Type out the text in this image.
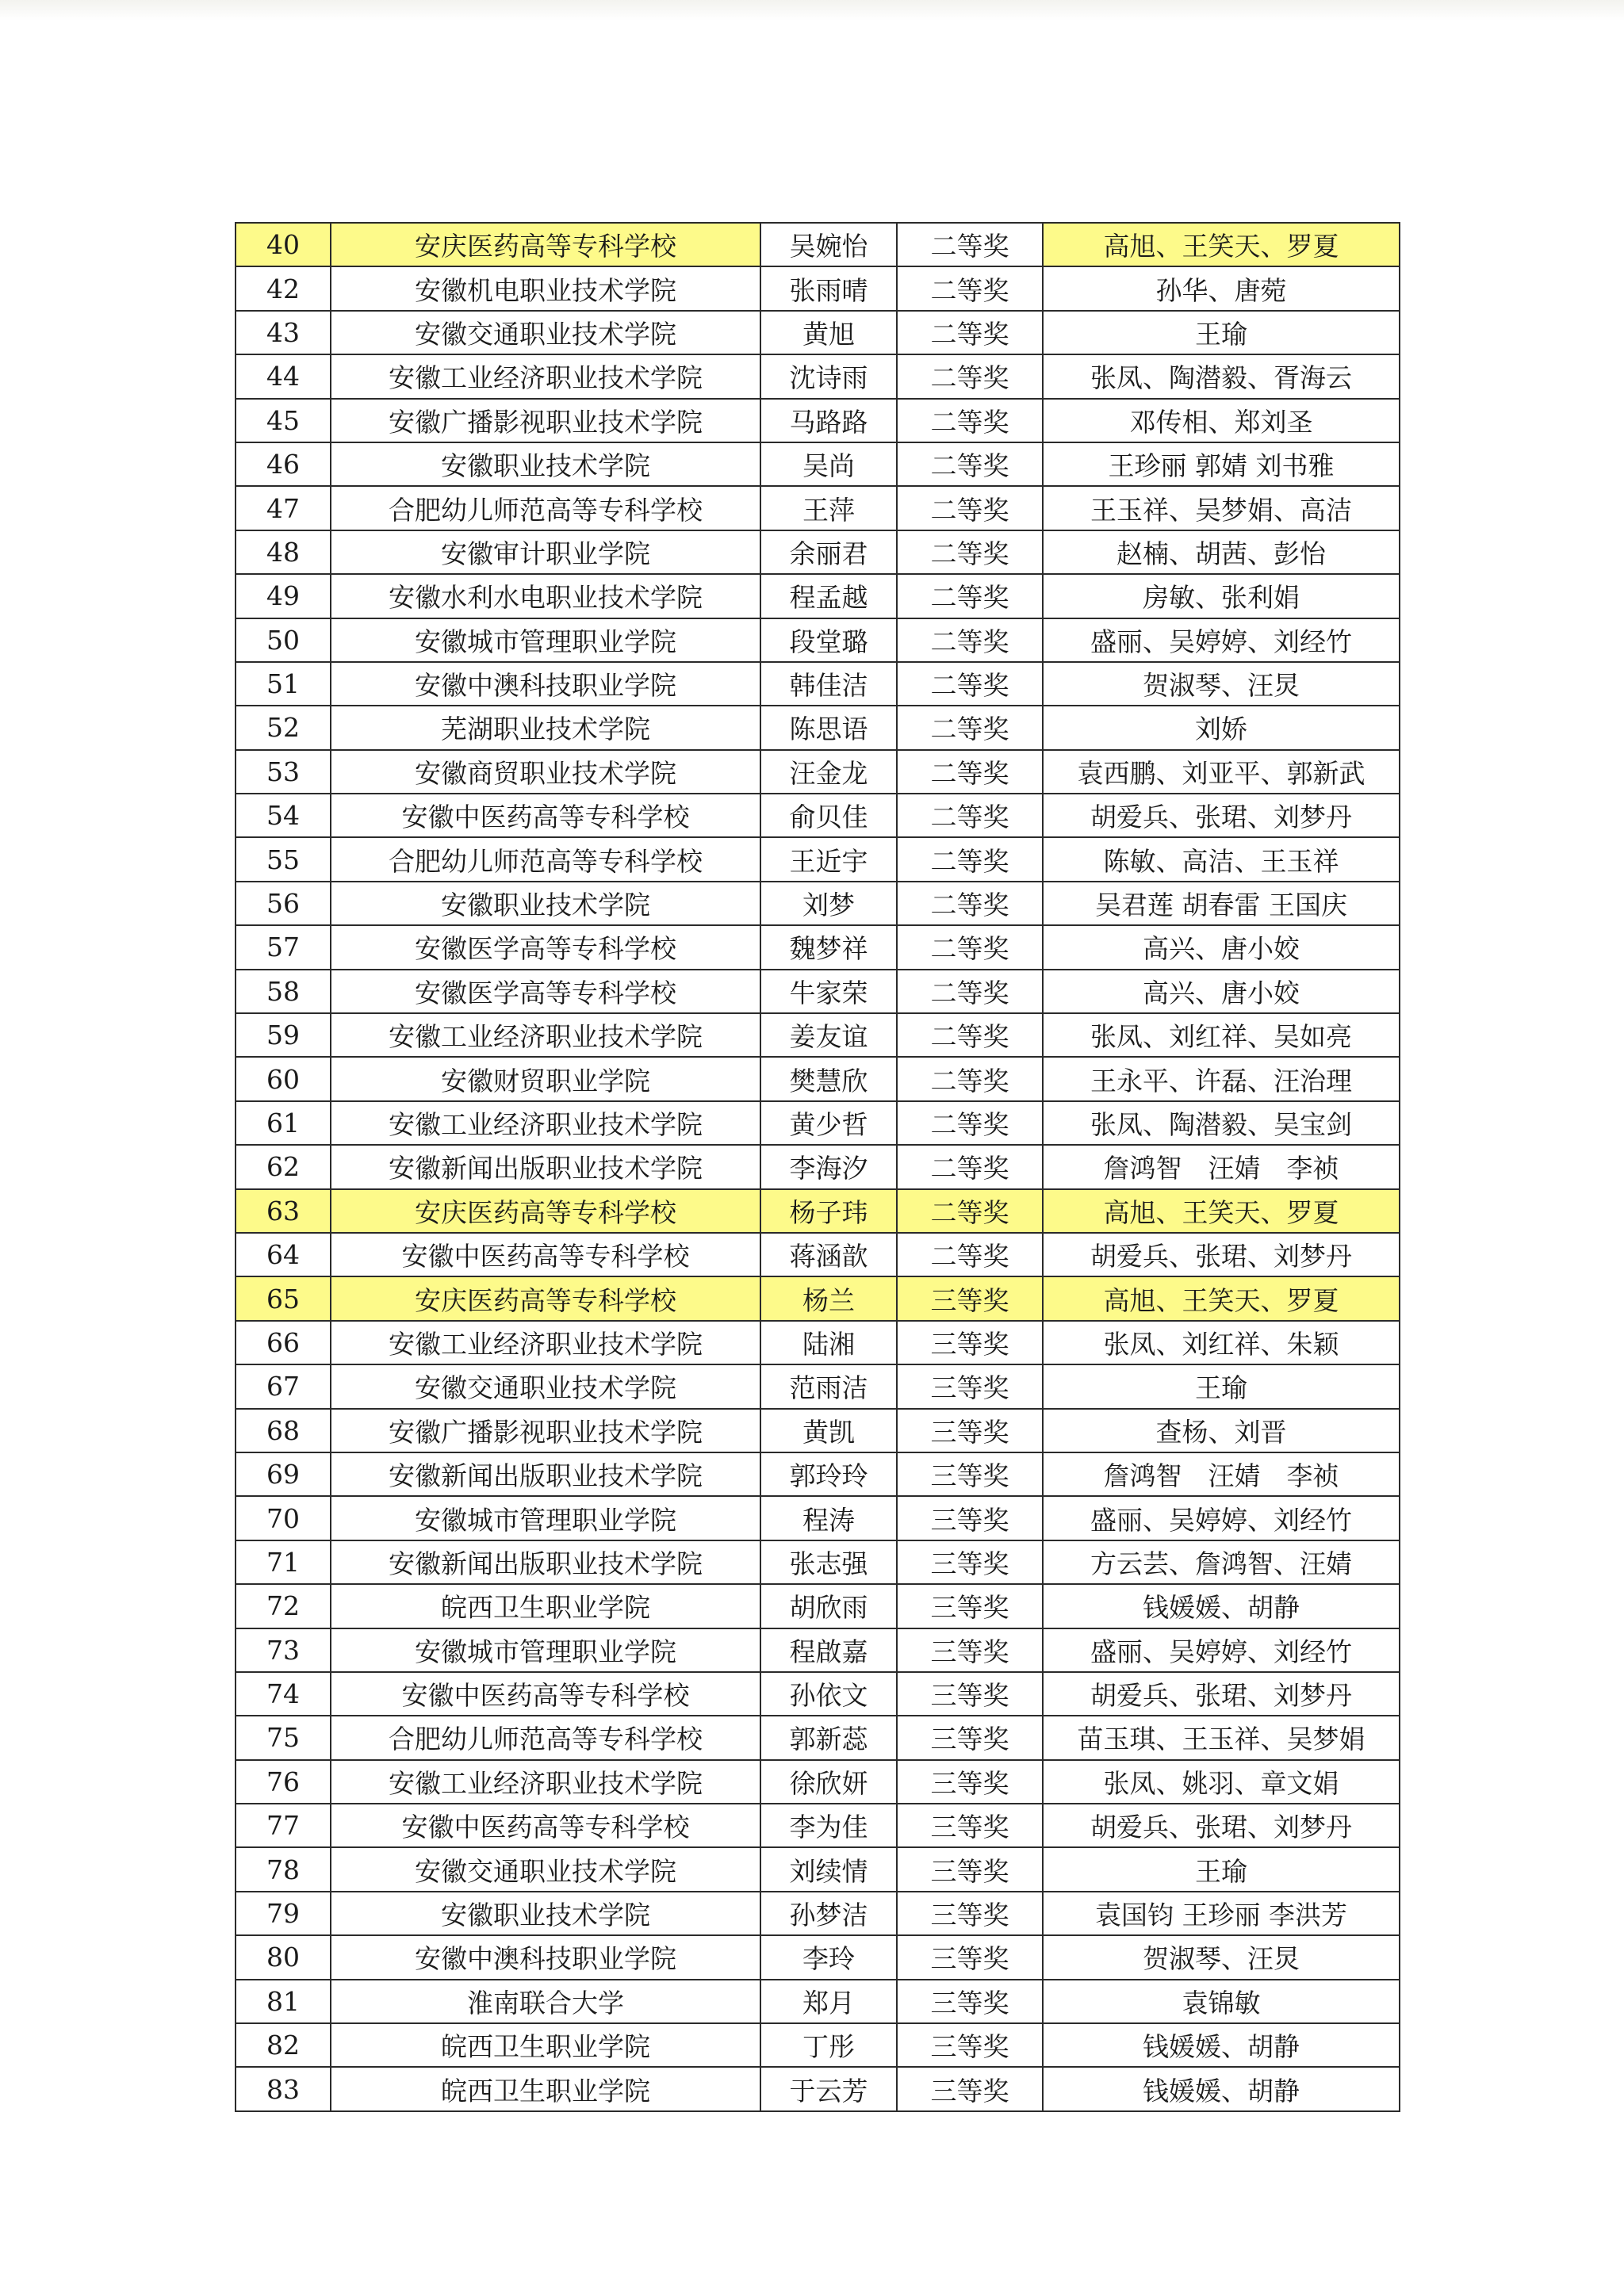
40	安庆医药高等专科学校	吴婉怡	二等奖	高旭、王笑天、罗夏
42	安徽机电职业技术学院	张雨晴	二等奖	孙华、唐菀
43	安徽交通职业技术学院	黄旭	二等奖	王瑜
44	安徽工业经济职业技术学院	沈诗雨	二等奖	张凤、陶潜毅、胥海云
45	安徽广播影视职业技术学院	马路路	二等奖	邓传相、郑刘圣
46	安徽职业技术学院	吴尚	二等奖	王珍丽 郭婧 刘书雅
47	合肥幼儿师范高等专科学校	王萍	二等奖	王玉祥、吴梦娟、高洁
48	安徽审计职业学院	余丽君	二等奖	赵楠、胡茜、彭怡
49	安徽水利水电职业技术学院	程孟越	二等奖	房敏、张利娟
50	安徽城市管理职业学院	段堂璐	二等奖	盛丽、吴婷婷、刘经竹
51	安徽中澳科技职业学院	韩佳洁	二等奖	贺淑琴、汪炅
52	芜湖职业技术学院	陈思语	二等奖	刘娇
53	安徽商贸职业技术学院	汪金龙	二等奖	袁西鹏、刘亚平、郭新武
54	安徽中医药高等专科学校	俞贝佳	二等奖	胡爱兵、张珺、刘梦丹
55	合肥幼儿师范高等专科学校	王近宇	二等奖	陈敏、高洁、王玉祥
56	安徽职业技术学院	刘梦	二等奖	吴君莲 胡春雷 王国庆
57	安徽医学高等专科学校	魏梦祥	二等奖	高兴、唐小姣
58	安徽医学高等专科学校	牛家荣	二等奖	高兴、唐小姣
59	安徽工业经济职业技术学院	姜友谊	二等奖	张凤、刘红祥、吴如亮
60	安徽财贸职业学院	樊慧欣	二等奖	王永平、许磊、汪治理
61	安徽工业经济职业技术学院	黄少哲	二等奖	张凤、陶潜毅、吴宝剑
62	安徽新闻出版职业技术学院	李海汐	二等奖	詹鸿智　汪婧　李祯
63	安庆医药高等专科学校	杨子玮	二等奖	高旭、王笑天、罗夏
64	安徽中医药高等专科学校	蒋涵歆	二等奖	胡爱兵、张珺、刘梦丹
65	安庆医药高等专科学校	杨兰	三等奖	高旭、王笑天、罗夏
66	安徽工业经济职业技术学院	陆湘	三等奖	张凤、刘红祥、朱颖
67	安徽交通职业技术学院	范雨洁	三等奖	王瑜
68	安徽广播影视职业技术学院	黄凯	三等奖	查杨、刘晋
69	安徽新闻出版职业技术学院	郭玲玲	三等奖	詹鸿智　汪婧　李祯
70	安徽城市管理职业学院	程涛	三等奖	盛丽、吴婷婷、刘经竹
71	安徽新闻出版职业技术学院	张志强	三等奖	方云芸、詹鸿智、汪婧
72	皖西卫生职业学院	胡欣雨	三等奖	钱媛媛、胡静
73	安徽城市管理职业学院	程啟嘉	三等奖	盛丽、吴婷婷、刘经竹
74	安徽中医药高等专科学校	孙依文	三等奖	胡爱兵、张珺、刘梦丹
75	合肥幼儿师范高等专科学校	郭新蕊	三等奖	苗玉琪、王玉祥、吴梦娟
76	安徽工业经济职业技术学院	徐欣妍	三等奖	张凤、姚羽、章文娟
77	安徽中医药高等专科学校	李为佳	三等奖	胡爱兵、张珺、刘梦丹
78	安徽交通职业技术学院	刘续情	三等奖	王瑜
79	安徽职业技术学院	孙梦洁	三等奖	袁国钧 王珍丽 李洪芳
80	安徽中澳科技职业学院	李玲	三等奖	贺淑琴、汪炅
81	淮南联合大学	郑月	三等奖	袁锦敏
82	皖西卫生职业学院	丁彤	三等奖	钱媛媛、胡静
83	皖西卫生职业学院	于云芳	三等奖	钱媛媛、胡静
